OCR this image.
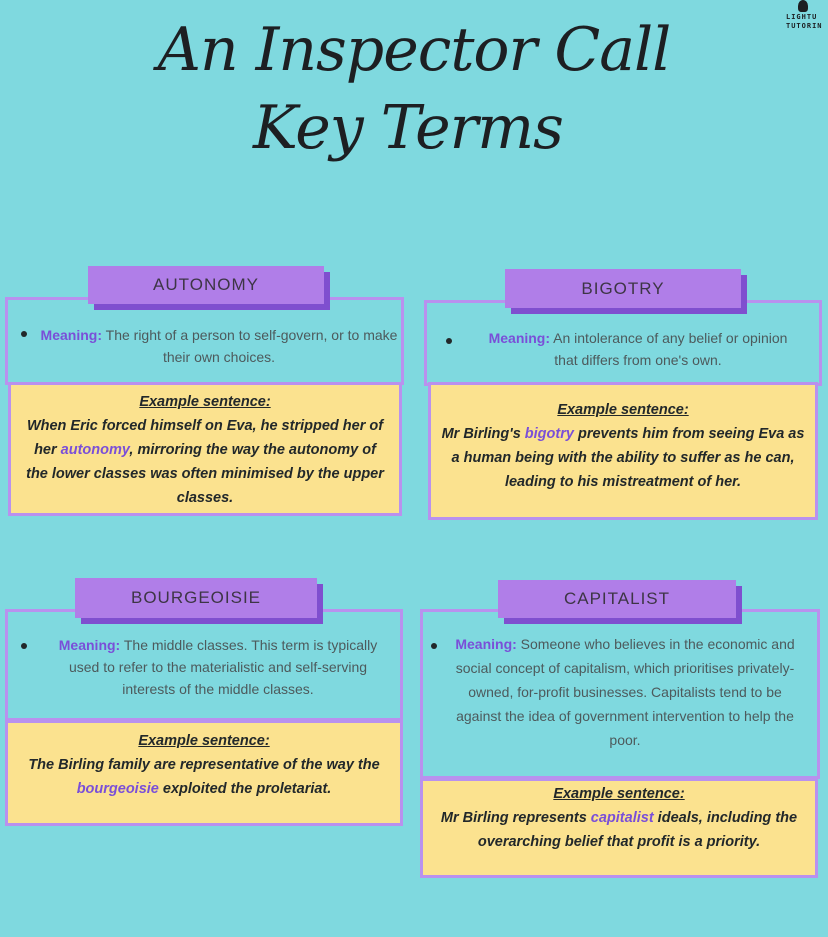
An Inspector Call
Key Terms
LIGHTU
TUTORIN
AUTONOMY
Meaning: The right of a person to self-govern, or to make their own choices.
Example sentence:
When Eric forced himself on Eva, he stripped her of her autonomy, mirroring the way the autonomy of the lower classes was often minimised by the upper classes.
BIGOTRY
Meaning: An intolerance of any belief or opinion that differs from one's own.
Example sentence:
Mr Birling's bigotry prevents him from seeing Eva as a human being with the ability to suffer as he can, leading to his mistreatment of her.
BOURGEOISIE
Meaning: The middle classes. This term is typically used to refer to the materialistic and self-serving interests of the middle classes.
Example sentence:
The Birling family are representative of the way the bourgeoisie exploited the proletariat.
CAPITALIST
Meaning: Someone who believes in the economic and social concept of capitalism, which prioritises privately-owned, for-profit businesses. Capitalists tend to be against the idea of government intervention to help the poor.
Example sentence:
Mr Birling represents capitalist ideals, including the overarching belief that profit is a priority.
